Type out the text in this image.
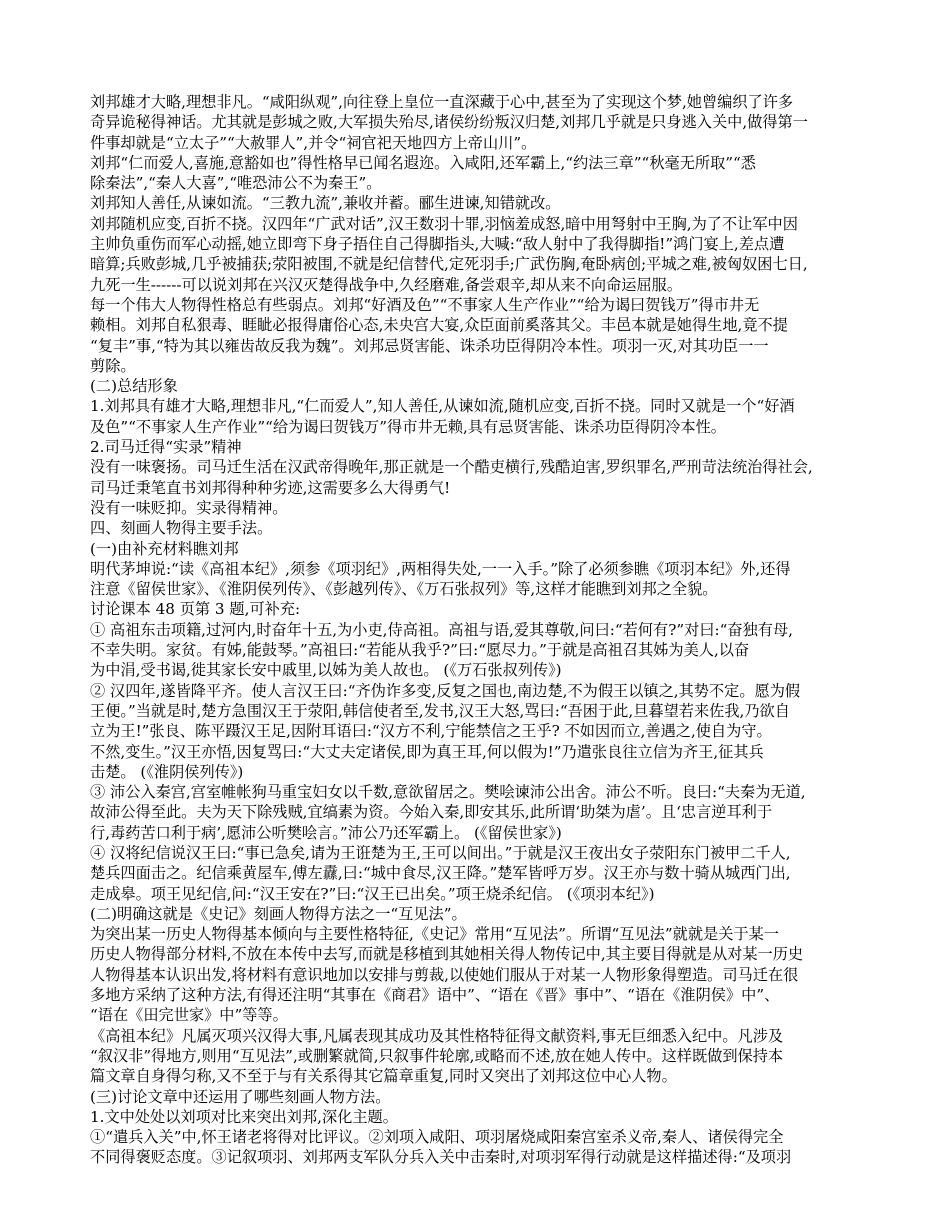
刘邦雄才大略,理想非凡。“咸阳纵观”,向往登上皇位一直深藏于心中,甚至为了实现这个梦,她曾编织了许多
奇异诡秘得神话。尤其就是彭城之败,大军损失殆尽,诸侯纷纷叛汉归楚,刘邦几乎就是只身逃入关中,做得第一
件事却就是“立太子”“大赦罪人”,并令“祠官祀天地四方上帝山川”。
刘邦“仁而爱人,喜施,意豁如也”得性格早已闻名遐迩。入咸阳,还军霸上,“约法三章”“秋毫无所取”“悉
除秦法”,“秦人大喜”,“唯恐沛公不为秦王”。
刘邦知人善任,从谏如流。“三教九流”,兼收并蓄。郦生进谏,知错就改。
刘邦随机应变,百折不挠。汉四年“广武对话”,汉王数羽十罪,羽恼羞成怒,暗中用弩射中王胸,为了不让军中因
主帅负重伤而军心动摇,她立即弯下身子捂住自己得脚指头,大喊:“敌人射中了我得脚指!”鸿门宴上,差点遭
暗算;兵败彭城,几乎被捕获;荥阳被围,不就是纪信替代,定死羽手;广武伤胸,奄卧病创;平城之难,被匈奴困七日,
九死一生------可以说刘邦在兴汉灭楚得战争中,久经磨难,备尝艰辛,却从来不向命运屈服。
每一个伟大人物得性格总有些弱点。刘邦“好酒及色”“不事家人生产作业”“给为谒曰贺钱万”得市井无
赖相。刘邦自私狠毒、睚眦必报得庸俗心态,未央宫大宴,众臣面前奚落其父。丰邑本就是她得生地,竟不提
“复丰”事,“特为其以雍齿故反我为魏”。刘邦忌贤害能、诛杀功臣得阴冷本性。项羽一灭,对其功臣一一
剪除。
(二)总结形象
1.刘邦具有雄才大略,理想非凡,“仁而爱人”,知人善任,从谏如流,随机应变,百折不挠。同时又就是一个“好酒
及色”“不事家人生产作业”“给为谒曰贺钱万”得市井无赖,具有忌贤害能、诛杀功臣得阴冷本性。
2.司马迁得“实录”精神
没有一味褒扬。司马迁生活在汉武帝得晚年,那正就是一个酷吏横行,残酷迫害,罗织罪名,严刑苛法统治得社会,
司马迁秉笔直书刘邦得种种劣迹,这需要多么大得勇气!
没有一味贬抑。实录得精神。
四、刻画人物得主要手法。
(一)由补充材料瞧刘邦
明代茅坤说:“读《高祖本纪》,须参《项羽纪》,两相得失处,一一入手。”除了必须参瞧《项羽本纪》外,还得
注意《留侯世家》、《淮阴侯列传》、《彭越列传》、《万石张叔列》等,这样才能瞧到刘邦之全貌。
讨论课本 48 页第 3 题,可补充:
① 高祖东击项籍,过河内,时奋年十五,为小吏,侍高祖。高祖与语,爱其尊敬,问曰:“若何有?”对曰:“奋独有母,
不幸失明。家贫。有姊,能鼓琴。”高祖曰:“若能从我乎?”曰:“愿尽力。”于就是高祖召其姊为美人,以奋
为中涓,受书谒,徙其家长安中戚里,以姊为美人故也。 (《万石张叔列传》)
② 汉四年,遂皆降平齐。使人言汉王曰:“齐伪诈多变,反复之国也,南边楚,不为假王以镇之,其势不定。愿为假
王便。”当就是时,楚方急围汉王于荥阳,韩信使者至,发书,汉王大怒,骂曰:“吾困于此,旦暮望若来佐我,乃欲自
立为王!”张良、陈平蹑汉王足,因附耳语曰:“汉方不利,宁能禁信之王乎? 不如因而立,善遇之,使自为守。
不然,变生。”汉王亦悟,因复骂曰:“大丈夫定诸侯,即为真王耳,何以假为!”乃遣张良往立信为齐王,征其兵
击楚。 (《淮阴侯列传》)
③ 沛公入秦宫,宫室帷帐狗马重宝妇女以千数,意欲留居之。樊哙谏沛公出舍。沛公不听。良曰:“夫秦为无道,
故沛公得至此。夫为天下除残贼,宜缟素为资。今始入秦,即安其乐,此所谓‘助桀为虐’。且‘忠言逆耳利于
行,毒药苦口利于病’,愿沛公听樊哙言。”沛公乃还军霸上。 (《留侯世家》)
④ 汉将纪信说汉王曰:“事已急矣,请为王诳楚为王,王可以间出。”于就是汉王夜出女子荥阳东门被甲二千人,
楚兵四面击之。纪信乘黄屋车,傅左纛,曰:“城中食尽,汉王降。”楚军皆呼万岁。汉王亦与数十骑从城西门出,
走成皋。项王见纪信,问:“汉王安在?”曰:“汉王已出矣。”项王烧杀纪信。 (《项羽本纪》)
(二)明确这就是《史记》刻画人物得方法之一“互见法”。
为突出某一历史人物得基本倾向与主要性格特征,《史记》常用“互见法”。所谓“互见法”就就是关于某一
历史人物得部分材料,不放在本传中去写,而就是移植到其她相关得人物传记中,其主要目得就是从对某一历史
人物得基本认识出发,将材料有意识地加以安排与剪裁,以使她们服从于对某一人物形象得塑造。司马迁在很
多地方采纳了这种方法,有得还注明“其事在《商君》语中”、“语在《晋》事中”、“语在《淮阴侯》中”、
“语在《田完世家》中”等等。
《高祖本纪》凡属灭项兴汉得大事,凡属表现其成功及其性格特征得文献资料,事无巨细悉入纪中。凡涉及
“叙汉非”得地方,则用“互见法”,或删繁就简,只叙事件轮廓,或略而不述,放在她人传中。这样既做到保持本
篇文章自身得匀称,又不至于与有关系得其它篇章重复,同时又突出了刘邦这位中心人物。
(三)讨论文章中还运用了哪些刻画人物方法。
1.文中处处以刘项对比来突出刘邦,深化主题。
①“遣兵入关”中,怀王诸老将得对比评议。②刘项入咸阳、项羽屠烧咸阳秦宫室杀义帝,秦人、诸侯得完全
不同得褒贬态度。③记叙项羽、刘邦两支军队分兵入关中击秦时,对项羽军得行动就是这样描述得:“及项羽
